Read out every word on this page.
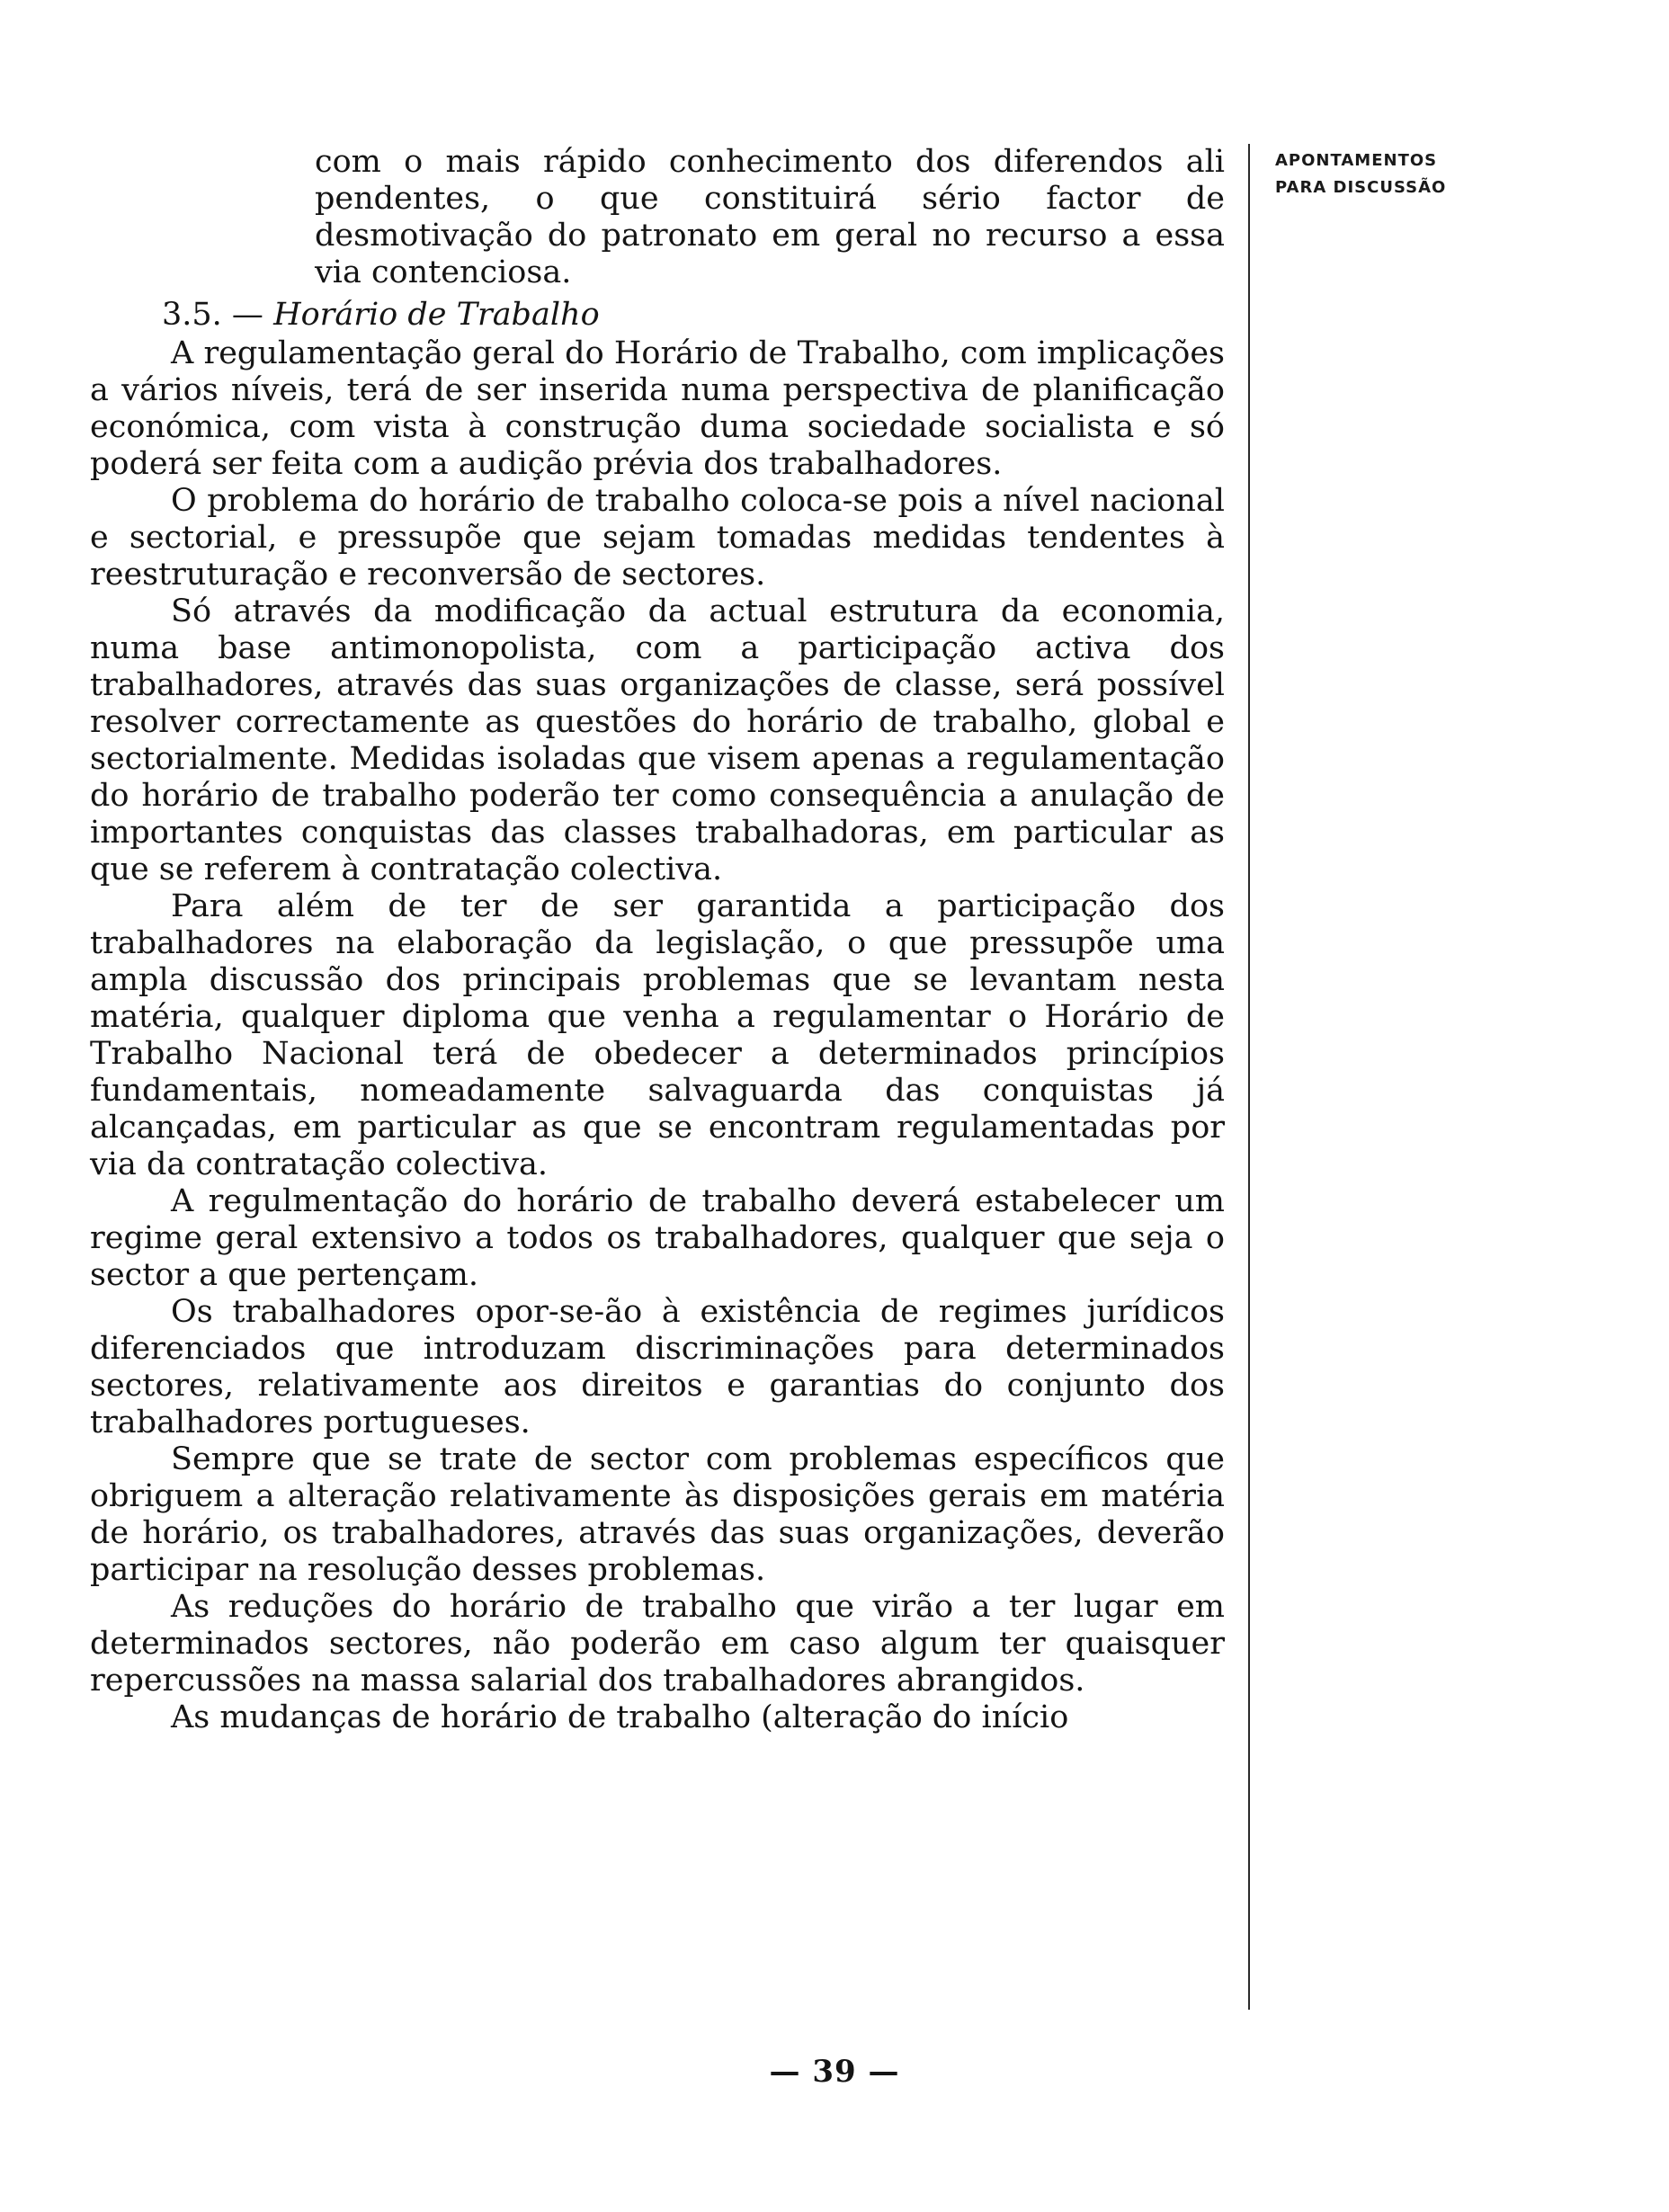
com o mais rápido conhecimento dos diferendos ali pendentes, o que constituirá sério factor de desmotivação do patronato em geral no recurso a essa via contenciosa.

3.5. — Horário de Trabalho

A regulamentação geral do Horário de Trabalho, com implicações a vários níveis, terá de ser inserida numa perspectiva de planificação económica, com vista à construção duma sociedade socialista e só poderá ser feita com a audição prévia dos trabalhadores.

O problema do horário de trabalho coloca-se pois a nível nacional e sectorial, e pressupõe que sejam tomadas medidas tendentes à reestruturação e reconversão de sectores.

Só através da modificação da actual estrutura da economia, numa base antimonopolista, com a participação activa dos trabalhadores, através das suas organizações de classe, será possível resolver correctamente as questões do horário de trabalho, global e sectorialmente. Medidas isoladas que visem apenas a regulamentação do horário de trabalho poderão ter como consequência a anulação de importantes conquistas das classes trabalhadoras, em particular as que se referem à contratação colectiva.

Para além de ter de ser garantida a participação dos trabalhadores na elaboração da legislação, o que pressupõe uma ampla discussão dos principais problemas que se levantam nesta matéria, qualquer diploma que venha a regulamentar o Horário de Trabalho Nacional terá de obedecer a determinados princípios fundamentais, nomeadamente salvaguarda das conquistas já alcançadas, em particular as que se encontram regulamentadas por via da contratação colectiva.

A regulmentação do horário de trabalho deverá estabelecer um regime geral extensivo a todos os trabalhadores, qualquer que seja o sector a que pertençam.

Os trabalhadores opor-se-ão à existência de regimes jurídicos diferenciados que introduzam discriminações para determinados sectores, relativamente aos direitos e garantias do conjunto dos trabalhadores portugueses.

Sempre que se trate de sector com problemas específicos que obriguem a alteração relativamente às disposições gerais em matéria de horário, os trabalhadores, através das suas organizações, deverão participar na resolução desses problemas.

As reduções do horário de trabalho que virão a ter lugar em determinados sectores, não poderão em caso algum ter quaisquer repercussões na massa salarial dos trabalhadores abrangidos.

As mudanças de horário de trabalho (alteração do início

APONTAMENTOS
PARA DISCUSSÃO
— 39 —
